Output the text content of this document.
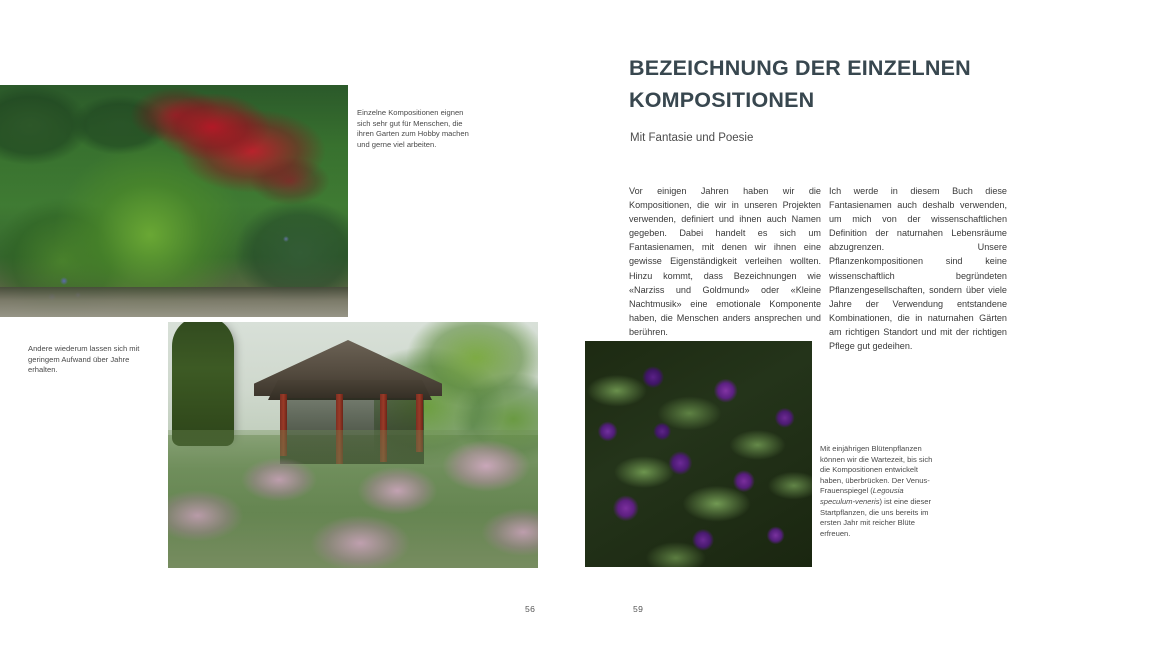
Einzelne Kompositionen eignen sich sehr gut für Menschen, die ihren Garten zum Hobby machen und gerne viel arbeiten.
Andere wiederum lassen sich mit geringem Aufwand über Jahre erhalten.
56
BEZEICHNUNG DER EINZELNEN KOMPOSITIONEN
Mit Fantasie und Poesie
Vor einigen Jahren haben wir die Kompositionen, die wir in unseren Projekten verwenden, definiert und ihnen auch Namen gegeben. Dabei handelt es sich um Fantasienamen, mit denen wir ihnen eine gewisse Eigenständigkeit verleihen wollten. Hinzu kommt, dass Bezeichnungen wie «Narziss und Goldmund» oder «Kleine Nachtmusik» eine emotionale Komponente haben, die Menschen anders ansprechen und berühren.
Ich werde in diesem Buch diese Fantasienamen auch deshalb verwenden, um mich von der wissenschaftlichen Definition der naturnahen Lebensräume abzugrenzen. Unsere Pflanzenkompositionen sind keine wissenschaftlich begründeten Pflanzengesellschaften, sondern über viele Jahre der Verwendung entstandene Kombinationen, die in naturnahen Gärten am richtigen Standort und mit der richtigen Pflege gut gedeihen.
Mit einjährigen Blütenpflanzen können wir die Wartezeit, bis sich die Kompositionen entwickelt haben, überbrücken. Der Venus-Frauenspiegel (Legousia speculum-veneris) ist eine dieser Startpflanzen, die uns bereits im ersten Jahr mit reicher Blüte erfreuen.
59
